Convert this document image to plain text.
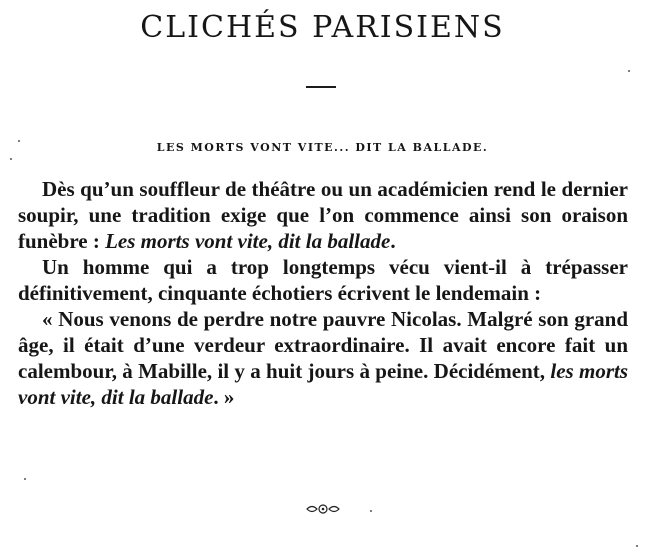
CLICHÉS PARISIENS
LES MORTS VONT VITE... DIT LA BALLADE.

Dès qu’un souffleur de théâtre ou un académicien rend le dernier soupir, une tradition exige que l’on commence ainsi son oraison funèbre : Les morts vont vite, dit la ballade.

Un homme qui a trop longtemps vécu vient-il à trépasser définitivement, cinquante échotiers écrivent le lendemain :

« Nous venons de perdre notre pauvre Nicolas. Malgré son grand âge, il était d’une verdeur extraordinaire. Il avait encore fait un calembour, à Mabille, il y a huit jours à peine. Décidément, les morts vont vite, dit la ballade. »
